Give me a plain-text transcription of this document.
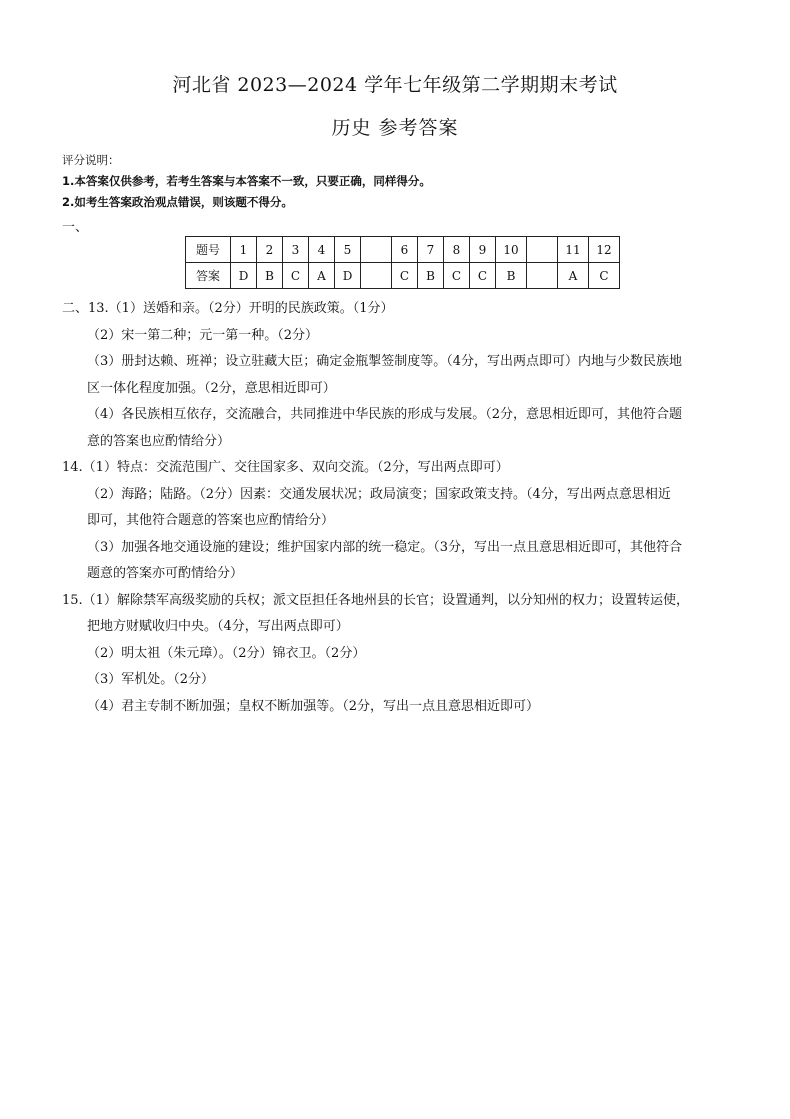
河北省 2023—2024 学年七年级第二学期期末考试
历史 参考答案
评分说明：
1.本答案仅供参考，若考生答案与本答案不一致，只要正确，同样得分。
2.如考生答案政治观点错误，则该题不得分。
一、
题号	1	2	3	4	5		6	7	8	9	10		11	12
答案	D	B	C	A	D		C	B	C	C	B		A	C
二、13.（1）送婚和亲。（2分）开明的民族政策。（1分）
（2）宋一第二种；元一第一种。（2分）
（3）册封达赖、班禅；设立驻藏大臣；确定金瓶掣签制度等。（4分，写出两点即可）内地与少数民族地
区一体化程度加强。（2分，意思相近即可）
（4）各民族相互依存，交流融合，共同推进中华民族的形成与发展。（2分，意思相近即可，其他符合题
意的答案也应酌情给分）
14.（1）特点：交流范围广、交往国家多、双向交流。（2分，写出两点即可）
（2）海路；陆路。（2分）因素：交通发展状况；政局演变；国家政策支持。（4分，写出两点意思相近
即可，其他符合题意的答案也应酌情给分）
（3）加强各地交通设施的建设；维护国家内部的统一稳定。（3分，写出一点且意思相近即可，其他符合
题意的答案亦可酌情给分）
15.（1）解除禁军高级奖励的兵权；派文臣担任各地州县的长官；设置通判，以分知州的权力；设置转运使，
把地方财赋收归中央。（4分，写出两点即可）
（2）明太祖（朱元璋）。（2分）锦衣卫。（2分）
（3）军机处。（2分）
（4）君主专制不断加强；皇权不断加强等。（2分，写出一点且意思相近即可）
